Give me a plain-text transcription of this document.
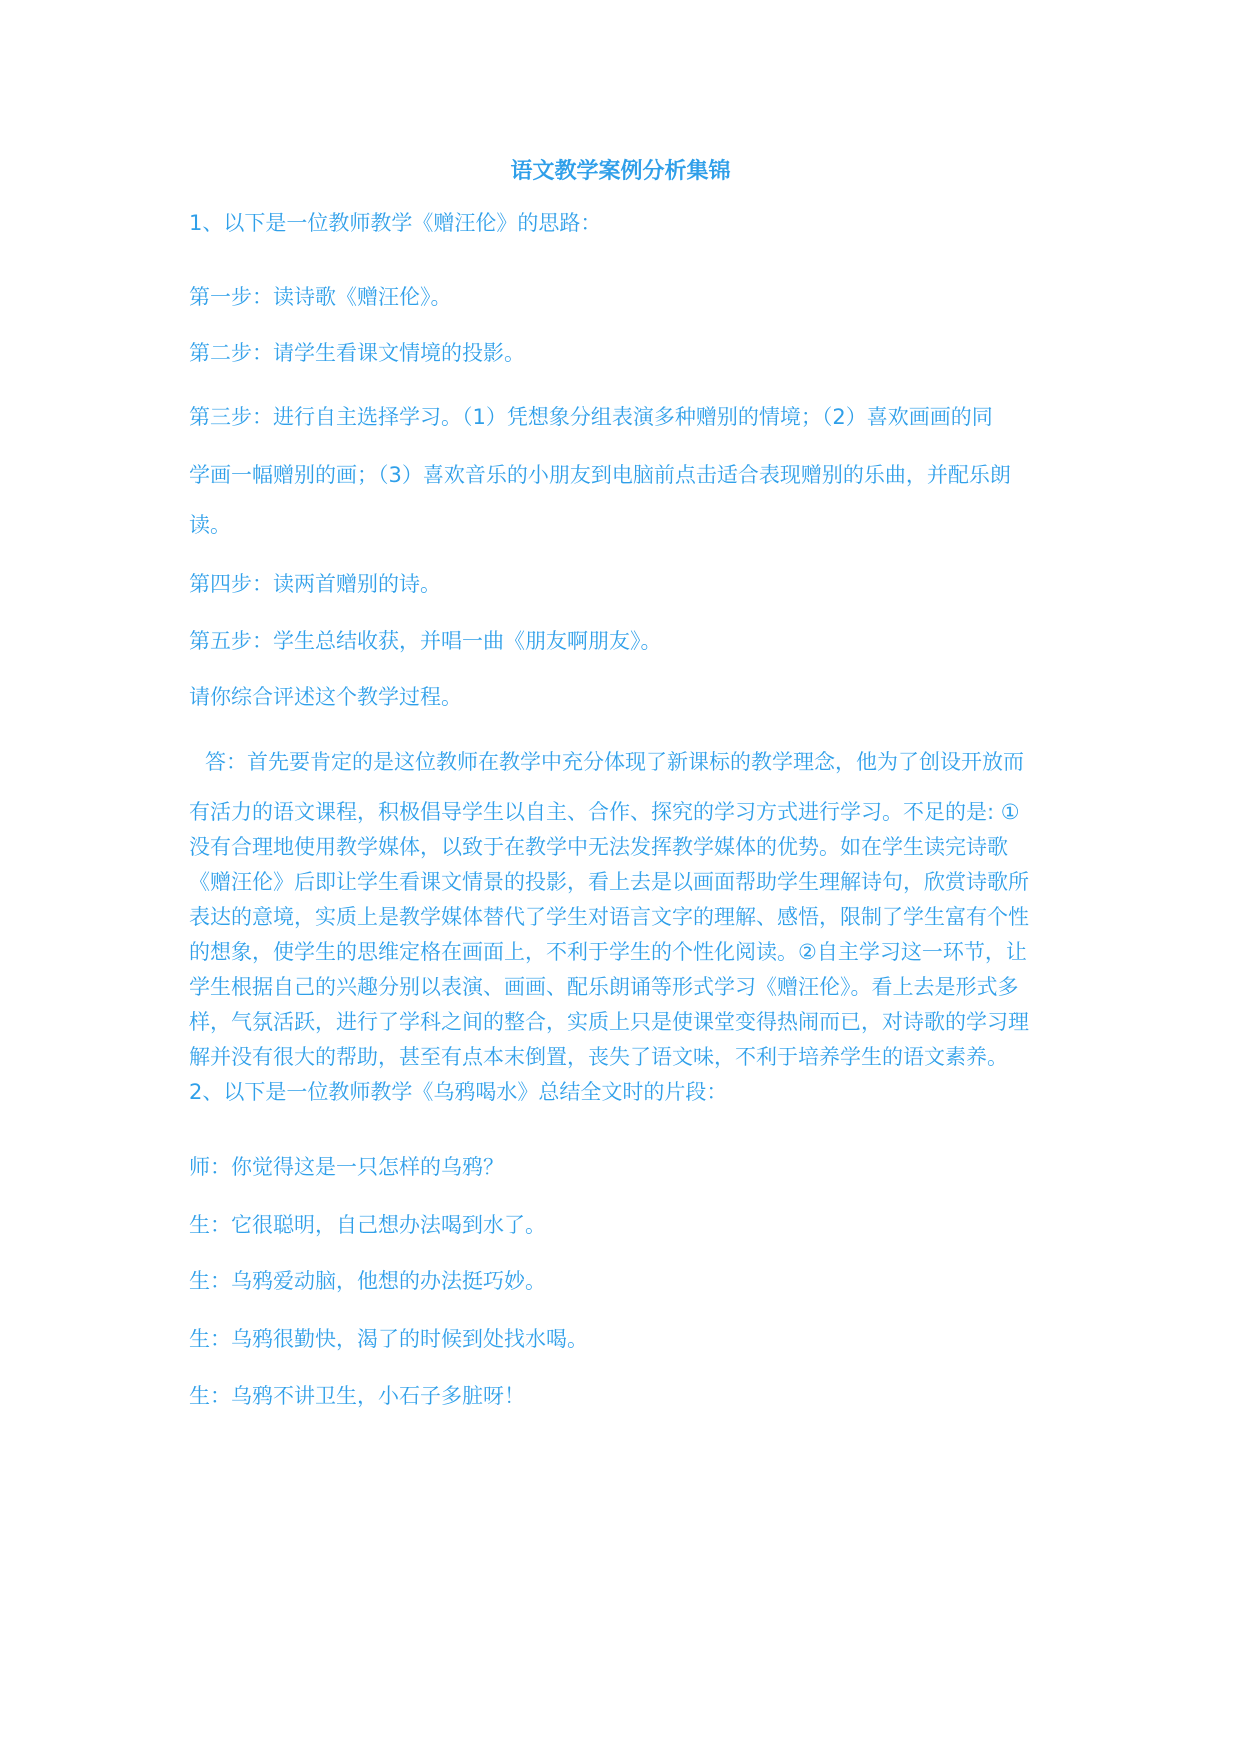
语文教学案例分析集锦
1、以下是一位教师教学《赠汪伦》的思路：
第一步：读诗歌《赠汪伦》。
第二步：请学生看课文情境的投影。
第三步：进行自主选择学习。（1）凭想象分组表演多种赠别的情境；（2）喜欢画画的同
学画一幅赠别的画；（3）喜欢音乐的小朋友到电脑前点击适合表现赠别的乐曲，并配乐朗
读。
第四步：读两首赠别的诗。
第五步：学生总结收获，并唱一曲《朋友啊朋友》。
请你综合评述这个教学过程。
答：首先要肯定的是这位教师在教学中充分体现了新课标的教学理念，他为了创设开放而
有活力的语文课程，积极倡导学生以自主、合作、探究的学习方式进行学习。不足的是: ①
没有合理地使用教学媒体，以致于在教学中无法发挥教学媒体的优势。如在学生读完诗歌
《赠汪伦》后即让学生看课文情景的投影，看上去是以画面帮助学生理解诗句，欣赏诗歌所
表达的意境，实质上是教学媒体替代了学生对语言文字的理解、感悟，限制了学生富有个性
的想象，使学生的思维定格在画面上，不利于学生的个性化阅读。②自主学习这一环节，让
学生根据自己的兴趣分别以表演、画画、配乐朗诵等形式学习《赠汪伦》。看上去是形式多
样，气氛活跃，进行了学科之间的整合，实质上只是使课堂变得热闹而已，对诗歌的学习理
解并没有很大的帮助，甚至有点本末倒置，丧失了语文味，不利于培养学生的语文素养。
2、以下是一位教师教学《乌鸦喝水》总结全文时的片段：
师：你觉得这是一只怎样的乌鸦？
生：它很聪明，自己想办法喝到水了。
生：乌鸦爱动脑，他想的办法挺巧妙。
生：乌鸦很勤快，渴了的时候到处找水喝。
生：乌鸦不讲卫生，小石子多脏呀！
